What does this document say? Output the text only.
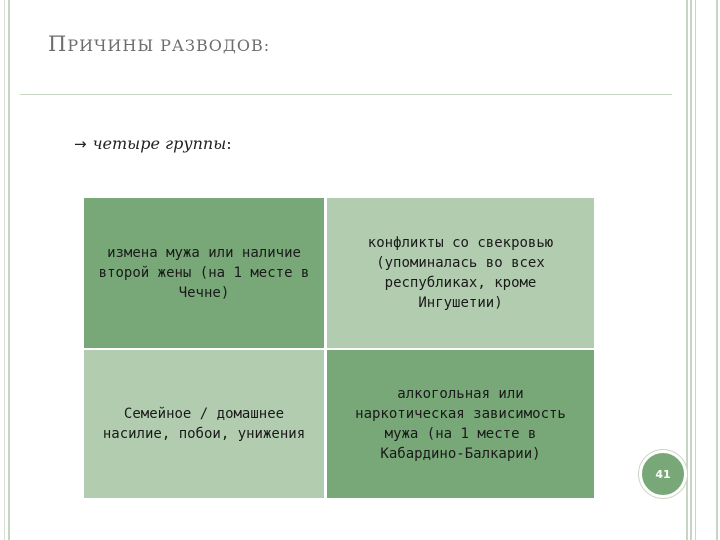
ПРИЧИНЫ РАЗВОДОВ:
→ четыре группы:
измена мужа или наличие второй жены (на 1 месте в Чечне)
конфликты со свекровью (упоминалась во всех республиках, кроме Ингушетии)
Семейное / домашнее насилие, побои, унижения
алкогольная или наркотическая зависимость мужа (на 1 месте в Кабардино-Балкарии)
41
